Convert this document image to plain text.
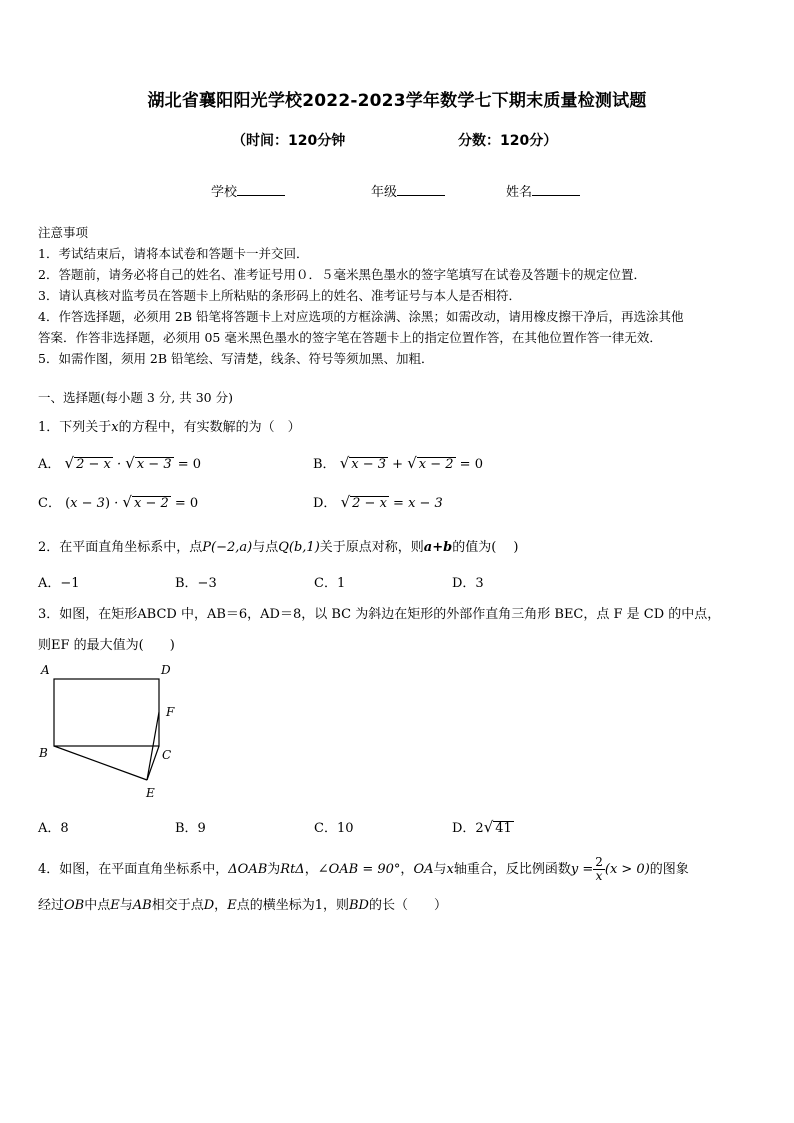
湖北省襄阳阳光学校2022-2023学年数学七下期末质量检测试题
（时间：120分钟	分数：120分）
学校	年级	姓名
注意事项
1．考试结束后，请将本试卷和答题卡一并交回．
2．答题前，请务必将自己的姓名、准考证号用０．５毫米黑色墨水的签字笔填写在试卷及答题卡的规定位置．
3．请认真核对监考员在答题卡上所粘贴的条形码上的姓名、准考证号与本人是否相符．
4．作答选择题，必须用 2B 铅笔将答题卡上对应选项的方框涂满、涂黑；如需改动，请用橡皮擦干净后，再选涂其他
答案．作答非选择题，必须用 05 毫米黑色墨水的签字笔在答题卡上的指定位置作答，在其他位置作答一律无效．
5．如需作图，须用 2B 铅笔绘、写清楚，线条、符号等须加黑、加粗．
一、选择题(每小题 3 分, 共 30 分)
1．下列关于x的方程中，有实数解的为（　）
A． √ 2 − x · √ x − 3 = 0	B． √ x − 3 + √ x − 2 = 0
C． (x − 3) · √ x − 2 = 0	D． √ 2 − x = x − 3
2．在平面直角坐标系中，点P(−2,a)与点Q(b,1)关于原点对称，则a+b的值为(　 )
A．−1	B．−3	C．1	D．3
3．如图，在矩形ABCD 中，AB＝6，AD＝8，以 BC 为斜边在矩形的外部作直角三角形 BEC，点 F 是 CD 的中点，
则EF 的最大值为(　　)
A	D
F
B	C
E
A．8	B．9	C．10	D．2√ 41
4．如图，在平面直角坐标系中，ΔOAB为RtΔ，∠OAB = 90°，OA与x轴重合，反比例函数$y = \frac{2}{x} (x > 0)$的图象
经过OB中点E与AB相交于点D，E点的横坐标为1，则BD的长（　　）
